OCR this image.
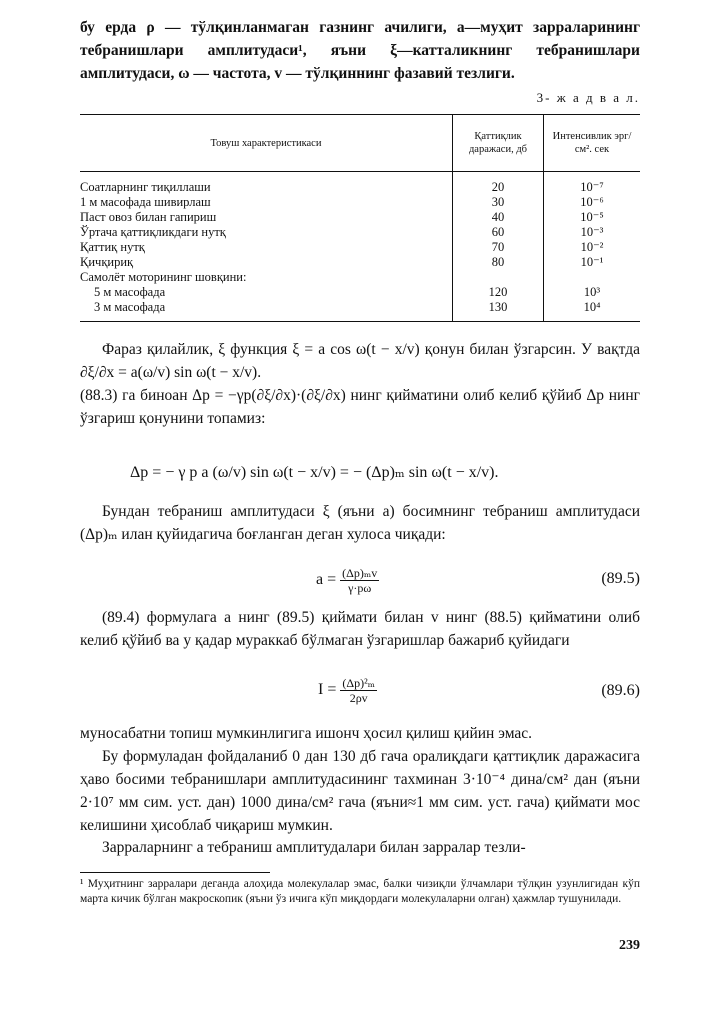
бу ерда ρ — тўлқинланмаган газнинг ачилиги, a—муҳит зарраларининг тебранишлари амплитудаси¹, яъни ξ—катталикнинг тебранишлари амплитудаси, ω — частота, v — тўлқиннинг фазавий тезлиги.

3- ж а д в а л.
Товуш характеристикаси	Қаттиқлик даражаси, дб	Интенсивлик эрг/см². сек
Соатларнинг тиқиллаши	20	10⁻⁷
1 м масофада шивирлаш	30	10⁻⁶
Паст овоз билан гапириш	40	10⁻⁵
Ўртача қаттиқликдаги нутқ	60	10⁻³
Қаттиқ нутқ	70	10⁻²
Қичқириқ	80	10⁻¹
Самолёт моторининг шовқини:		
5 м масофада	120	10³
3 м масофада	130	10⁴

Фараз қилайлик, ξ функция ξ = a cos ω(t − x/v) қонун билан ўзгарсин. У вақтда ∂ξ/∂x = a(ω/v) sin ω(t − x/v).

(88.3) га биноан Δp = −γp(∂ξ/∂x)·(∂ξ/∂x) нинг қийматини олиб келиб қўйиб Δp нинг ўзгариш қонунини топамиз:

Δp = − γ p a (ω/v) sin ω(t − x/v) = − (Δp)ₘ sin ω(t − x/v).

Бундан тебраниш амплитудаси ξ (яъни a) босимнинг тебраниш амплитудаси (Δp)ₘ илан қуйидагича боғланган деган хулоса чиқади:

$a = \frac{\text{(Δp)ₘv}}{\gamma\cdot p\omega}$	(89.5)

(89.4) формулага a нинг (89.5) қиймати билан v нинг (88.5) қийматини олиб келиб қўйиб ва у қадар мураккаб бўлмаган ўзгаришлар бажариб қуйидаги

$I = \frac{\text{(Δp)²ₘ}}{2\rho v}$	(89.6)

муносабатни топиш мумкинлигига ишонч ҳосил қилиш қийин эмас.

Бу формуладан фойдаланиб 0 дан 130 дб гача оралиқдаги қаттиқлик даражасига ҳаво босими тебранишлари амплитудасининг тахминан 3·10⁻⁴ дина/см² дан (яъни 2·10⁷ мм сим. уст. дан) 1000 дина/см² гача (яъни≈1 мм сим. уст. гача) қиймати мос келишини ҳисоблаб чиқариш мумкин.

Зарраларнинг a тебраниш амплитудалари билан зарралар тезли-

¹ Муҳитнинг зарралари деганда алоҳида молекулалар эмас, балки чизиқли ўлчамлари тўлқин узунлигидан кўп марта кичик бўлган макроскопик (яъни ўз ичига кўп миқдордаги молекулаларни олган) ҳажмлар тушунилади.
239
